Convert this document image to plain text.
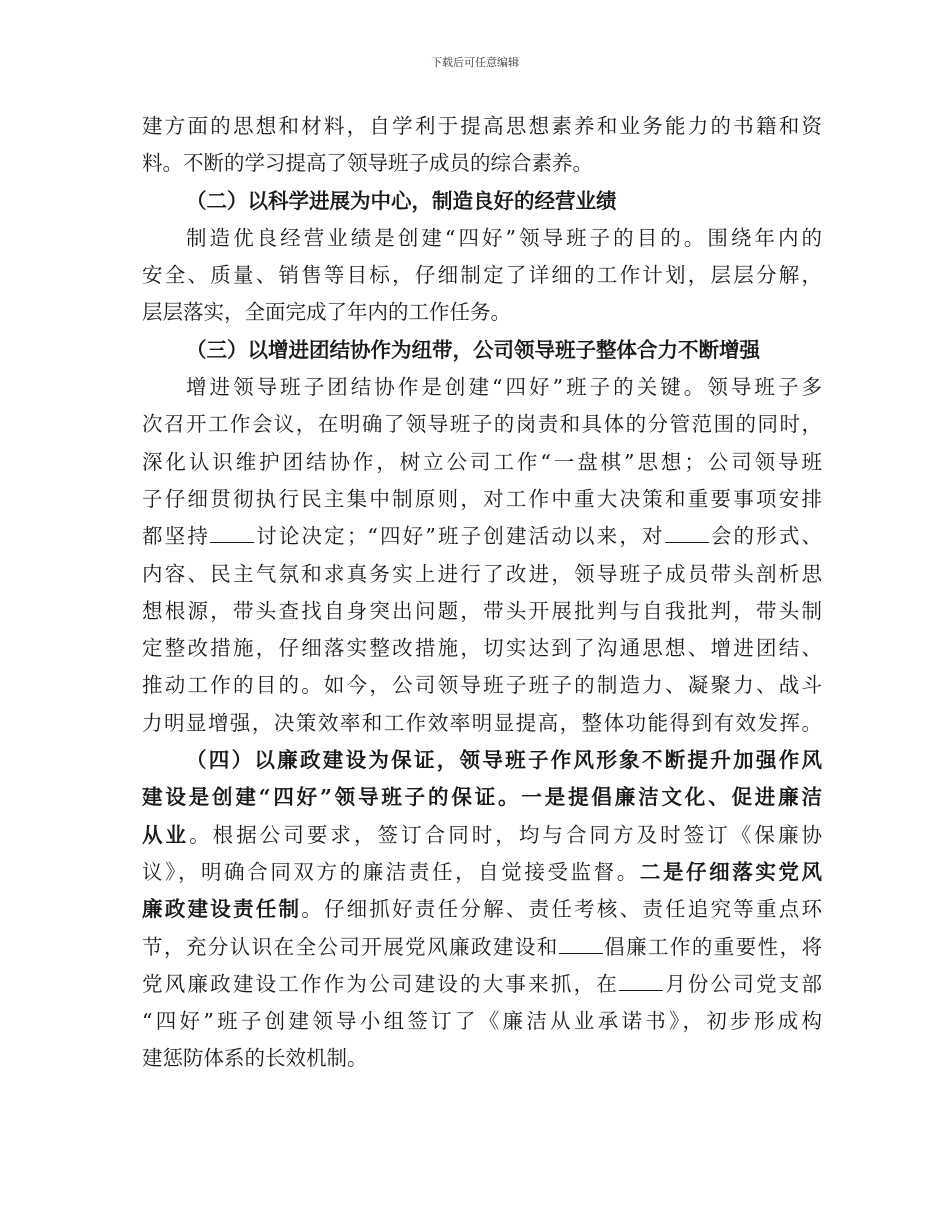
下载后可任意编辑
建方面的思想和材料，自学利于提高思想素养和业务能力的书籍和资
料。不断的学习提高了领导班子成员的综合素养。
（二）以科学进展为中心，制造良好的经营业绩
制造优良经营业绩是创建“四好”领导班子的目的。围绕年内的
安全、质量、销售等目标，仔细制定了详细的工作计划，层层分解，
层层落实，全面完成了年内的工作任务。
（三）以增进团结协作为纽带，公司领导班子整体合力不断增强
增进领导班子团结协作是创建“四好”班子的关键。领导班子多
次召开工作会议，在明确了领导班子的岗责和具体的分管范围的同时，
深化认识维护团结协作，树立公司工作“一盘棋”思想；公司领导班
子仔细贯彻执行民主集中制原则，对工作中重大决策和重要事项安排
都坚持 讨论决定；“四好”班子创建活动以来，对 会的形式、
内容、民主气氛和求真务实上进行了改进，领导班子成员带头剖析思
想根源，带头查找自身突出问题，带头开展批判与自我批判，带头制
定整改措施，仔细落实整改措施，切实达到了沟通思想、增进团结、
推动工作的目的。如今，公司领导班子班子的制造力、凝聚力、战斗
力明显增强，决策效率和工作效率明显提高，整体功能得到有效发挥。
（四）以廉政建设为保证，领导班子作风形象不断提升加强作风
建设是创建“四好”领导班子的保证。一是提倡廉洁文化、促进廉洁
从业。根据公司要求，签订合同时，均与合同方及时签订《保廉协
议》，明确合同双方的廉洁责任，自觉接受监督。二是仔细落实党风
廉政建设责任制。仔细抓好责任分解、责任考核、责任追究等重点环
节，充分认识在全公司开展党风廉政建设和 倡廉工作的重要性，将
党风廉政建设工作作为公司建设的大事来抓，在 月份公司党支部
“四好”班子创建领导小组签订了《廉洁从业承诺书》，初步形成构
建惩防体系的长效机制。
